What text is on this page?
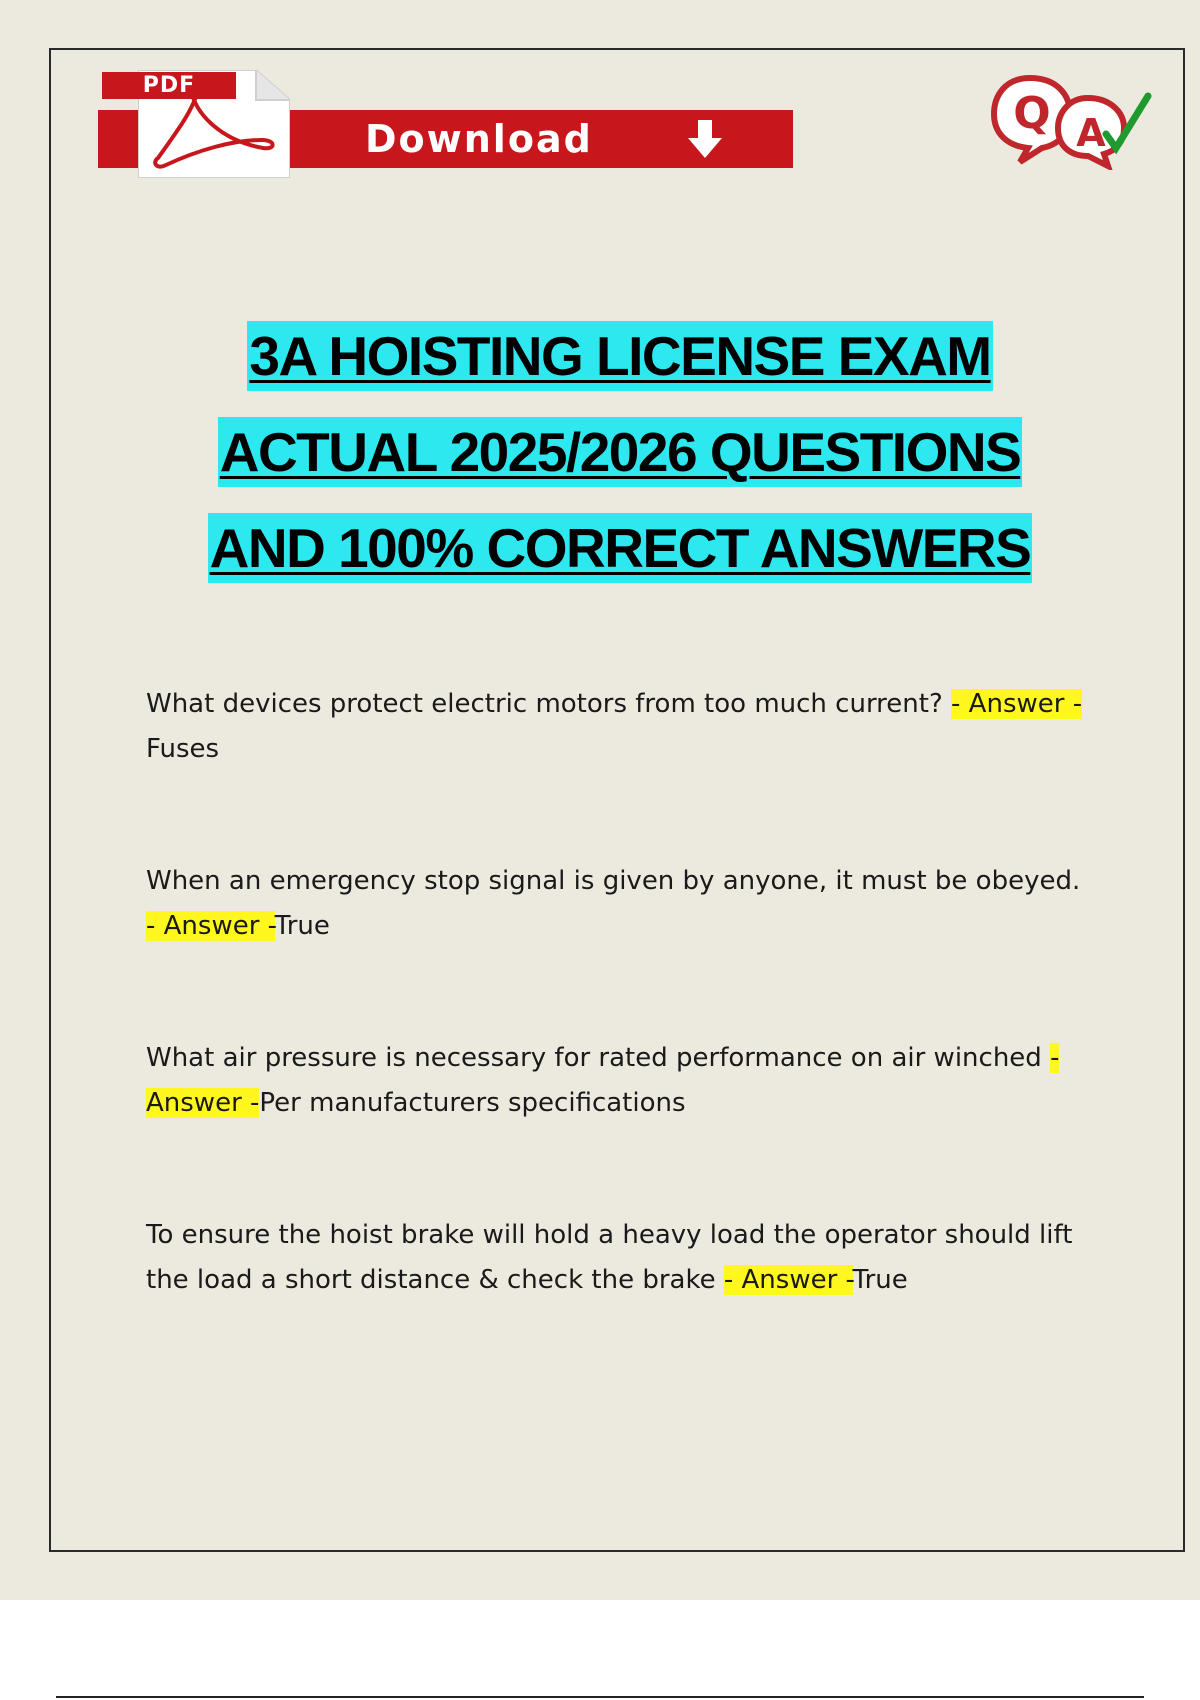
PDF
Download	Q A
3A HOISTING LICENSE EXAM
ACTUAL 2025/2026 QUESTIONS
AND 100% CORRECT ANSWERS
What devices protect electric motors from too much current? - Answer -Fuses
When an emergency stop signal is given by anyone, it must be obeyed. - Answer -True
What air pressure is necessary for rated performance on air winched - Answer -Per manufacturers specifications
To ensure the hoist brake will hold a heavy load the operator should lift the load a short distance & check the brake - Answer -True
